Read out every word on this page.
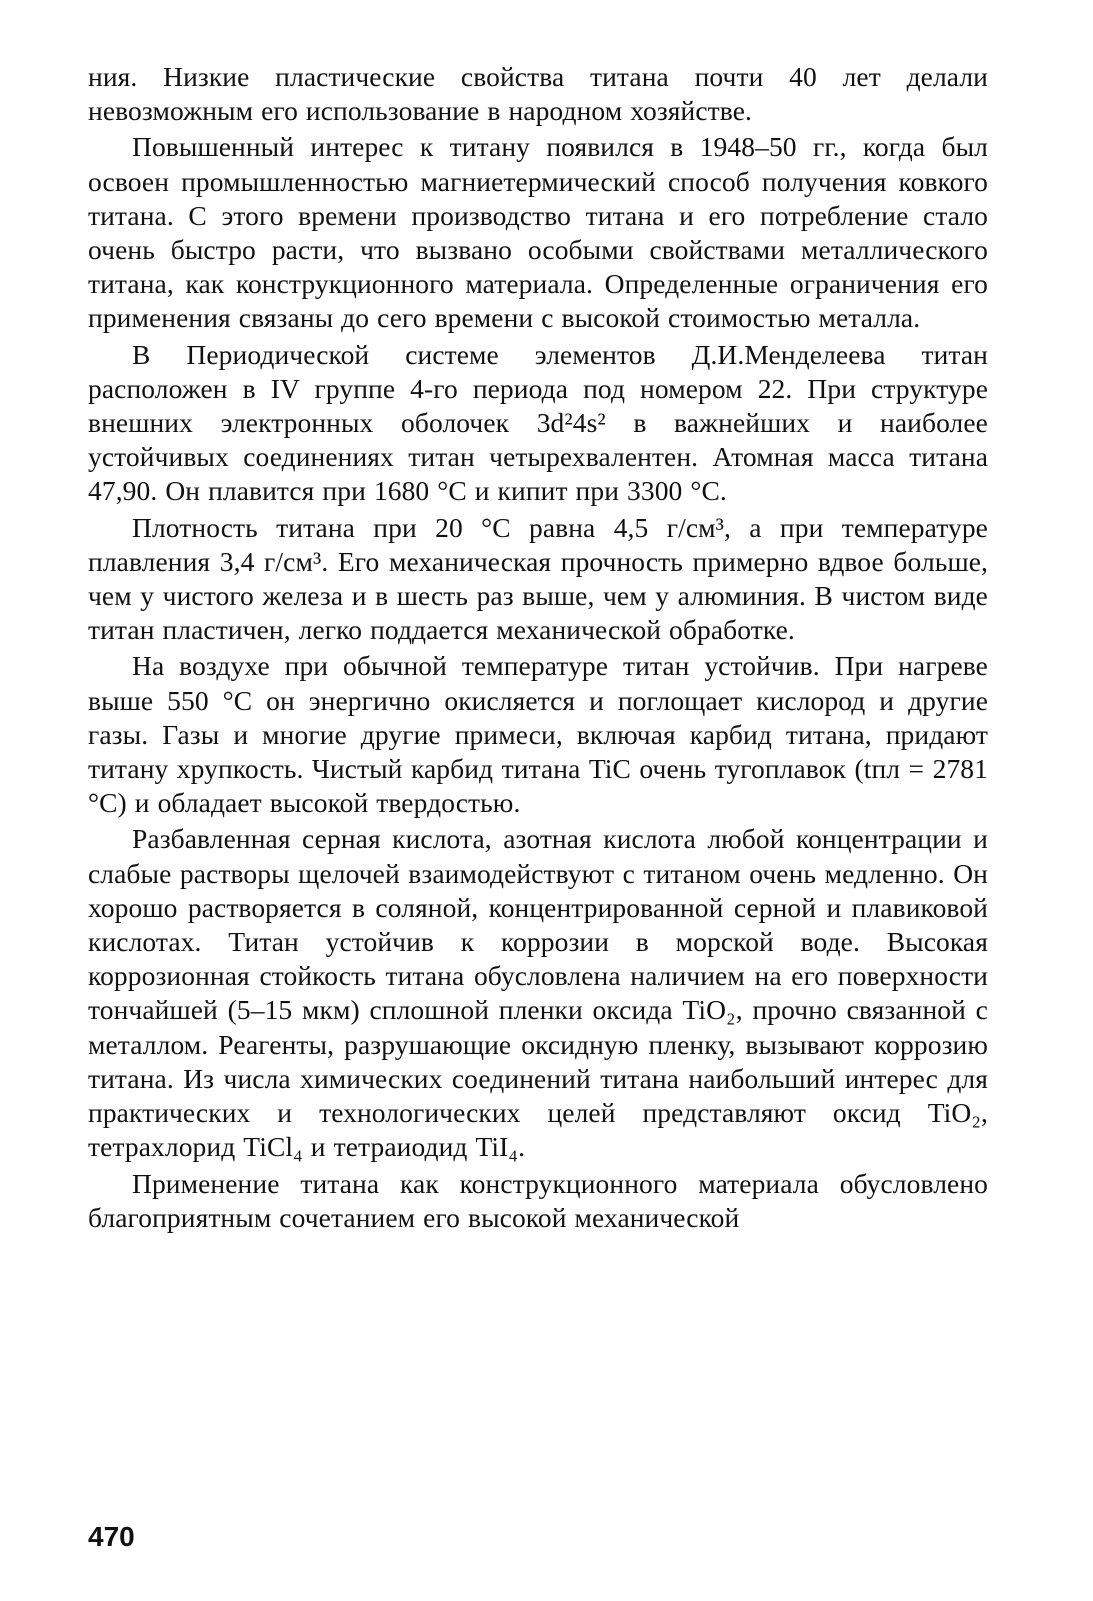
ния. Низкие пластические свойства титана почти 40 лет делали невозможным его использование в народном хозяйстве.

Повышенный интерес к титану появился в 1948–50 гг., когда был освоен промышленностью магниетермический способ получения ковкого титана. С этого времени производство титана и его потребление стало очень быстро расти, что вызвано особыми свойствами металлического титана, как конструкционного материала. Определенные ограничения его применения связаны до сего времени с высокой стоимостью металла.

В Периодической системе элементов Д.И.Менделеева титан расположен в IV группе 4-го периода под номером 22. При структуре внешних электронных оболочек 3d²4s² в важнейших и наиболее устойчивых соединениях титан четырехвалентен. Атомная масса титана 47,90. Он плавится при 1680 °С и кипит при 3300 °С.

Плотность титана при 20 °С равна 4,5 г/см³, а при температуре плавления 3,4 г/см³. Его механическая прочность примерно вдвое больше, чем у чистого железа и в шесть раз выше, чем у алюминия. В чистом виде титан пластичен, легко поддается механической обработке.

На воздухе при обычной температуре титан устойчив. При нагреве выше 550 °С он энергично окисляется и поглощает кислород и другие газы. Газы и многие другие примеси, включая карбид титана, придают титану хрупкость. Чистый карбид титана TiC очень тугоплавок (tпл = 2781 °С) и обладает высокой твердостью.

Разбавленная серная кислота, азотная кислота любой концентрации и слабые растворы щелочей взаимодействуют с титаном очень медленно. Он хорошо растворяется в соляной, концентрированной серной и плавиковой кислотах. Титан устойчив к коррозии в морской воде. Высокая коррозионная стойкость титана обусловлена наличием на его поверхности тончайшей (5–15 мкм) сплошной пленки оксида TiO₂, прочно связанной с металлом. Реагенты, разрушающие оксидную пленку, вызывают коррозию титана. Из числа химических соединений титана наибольший интерес для практических и технологических целей представляют оксид TiO₂, тетрахлорид TiCl₄ и тетраиодид TiI₄.

Применение титана как конструкционного материала обусловлено благоприятным сочетанием его высокой механической

470
